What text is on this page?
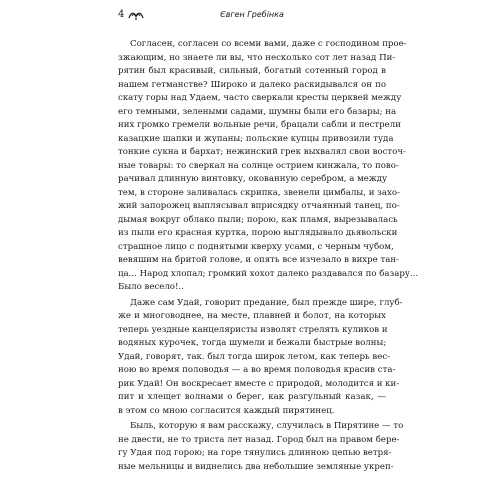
4	Євген Гребінка
Согласен, согласен со всеми вами, даже с господином прое-
зжающим, но знаете ли вы, что несколько сот лет назад Пи-
рятин был красивый, сильный, богатый сотенный город в
нашем гетманстве? Широко и далеко раскидывался он по
скату горы над Удаем, часто сверкали кресты церквей между
его темными, зелеными садами, шумны были его базары; на
них громко гремели вольные речи, брацали сабли и пестрели
казацкие шапки и жупаны; польские купцы привозили туда
тонкие сукна и бархат; нежинский грек выхвалял свои восточ-
ные товары: то сверкал на солнце острием кинжала, то пово-
рачивал длинную винтовку, окованную серебром, а между
тем, в стороне заливалась скрипка, звенели цимбалы, и захо-
жий запорожец выплясывал вприсядку отчаянный танец, по-
дымая вокруг облако пыли; порою, как пламя, вырезывалась
из пыли его красная куртка, порою выглядывало дьявольски
страшное лицо с поднятыми кверху усами, с черным чубом,
вевяшим на бритой голове, и опять все изчезало в вихре тан-
ца... Народ хлопал; громкий хохот далеко раздавался по базару...
Было весело!..
Даже сам Удай, говорит предание, был прежде шире, глуб-
же и многоводнее, на месте, плавней и болот, на которых
теперь уездные канцеляристы изволят стрелять куликов и
водяных курочек, тогда шумели и бежали быстрые волны;
Удай, говорят, так. был тогда широк летом, как теперь вес-
ною во время половодья — а во время половодья красив ста-
рик Удай! Он воскресает вместе с природой, молодится и ки-
пит и хлещет волнами о берег, как разгульный казак, —
в этом со мною согласится каждый пирятинец.
Быль, которую я вам расскажу, случилась в Пирятине — то
не двести, не то триста лет назад. Город был на правом бере-
гу Удая под горою; на горе тянулись длинною цепью ветря-
ные мельницы и виднелись два небольшие земляные укреп-
